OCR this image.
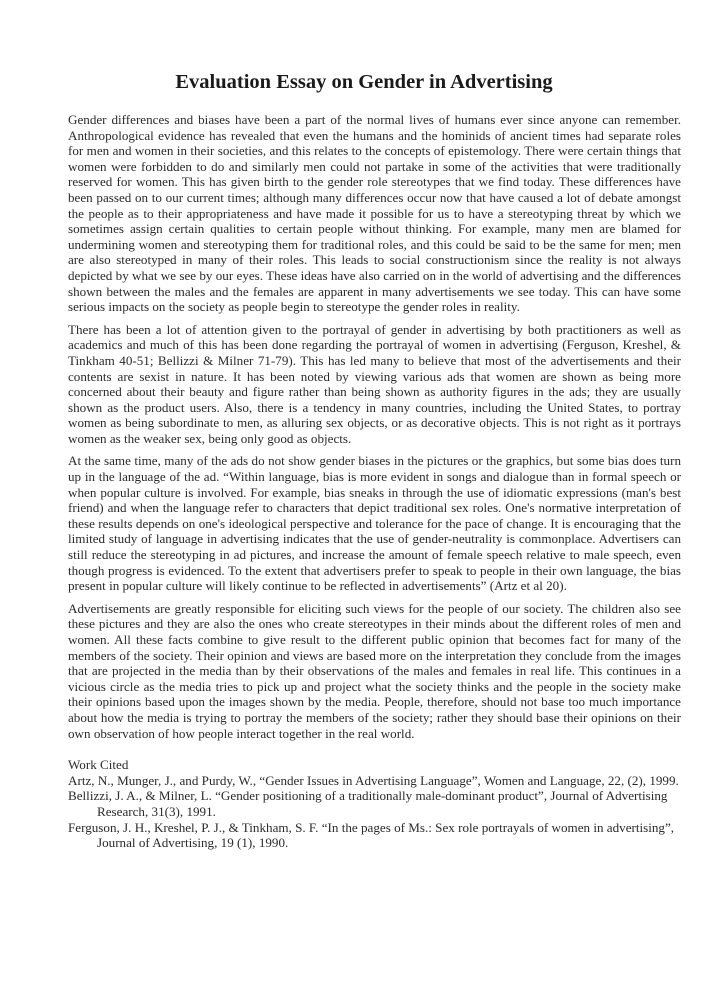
Evaluation Essay on Gender in Advertising

Gender differences and biases have been a part of the normal lives of humans ever since anyone can remember. Anthropological evidence has revealed that even the humans and the hominids of ancient times had separate roles for men and women in their societies, and this relates to the concepts of epistemology. There were certain things that women were forbidden to do and similarly men could not partake in some of the activities that were traditionally reserved for women. This has given birth to the gender role stereotypes that we find today. These differences have been passed on to our current times; although many differences occur now that have caused a lot of debate amongst the people as to their appropriateness and have made it possible for us to have a stereotyping threat by which we sometimes assign certain qualities to certain people without thinking. For example, many men are blamed for undermining women and stereotyping them for traditional roles, and this could be said to be the same for men; men are also stereotyped in many of their roles. This leads to social constructionism since the reality is not always depicted by what we see by our eyes. These ideas have also carried on in the world of advertising and the differences shown between the males and the females are apparent in many advertisements we see today. This can have some serious impacts on the society as people begin to stereotype the gender roles in reality.

There has been a lot of attention given to the portrayal of gender in advertising by both practitioners as well as academics and much of this has been done regarding the portrayal of women in advertising (Ferguson, Kreshel, & Tinkham 40-51; Bellizzi & Milner 71-79). This has led many to believe that most of the advertisements and their contents are sexist in nature. It has been noted by viewing various ads that women are shown as being more concerned about their beauty and figure rather than being shown as authority figures in the ads; they are usually shown as the product users. Also, there is a tendency in many countries, including the United States, to portray women as being subordinate to men, as alluring sex objects, or as decorative objects. This is not right as it portrays women as the weaker sex, being only good as objects.

At the same time, many of the ads do not show gender biases in the pictures or the graphics, but some bias does turn up in the language of the ad. “Within language, bias is more evident in songs and dialogue than in formal speech or when popular culture is involved. For example, bias sneaks in through the use of idiomatic expressions (man's best friend) and when the language refer to characters that depict traditional sex roles. One's normative interpretation of these results depends on one's ideological perspective and tolerance for the pace of change. It is encouraging that the limited study of language in advertising indicates that the use of gender-neutrality is commonplace. Advertisers can still reduce the stereotyping in ad pictures, and increase the amount of female speech relative to male speech, even though progress is evidenced. To the extent that advertisers prefer to speak to people in their own language, the bias present in popular culture will likely continue to be reflected in advertisements” (Artz et al 20).

Advertisements are greatly responsible for eliciting such views for the people of our society. The children also see these pictures and they are also the ones who create stereotypes in their minds about the different roles of men and women. All these facts combine to give result to the different public opinion that becomes fact for many of the members of the society. Their opinion and views are based more on the interpretation they conclude from the images that are projected in the media than by their observations of the males and females in real life. This continues in a vicious circle as the media tries to pick up and project what the society thinks and the people in the society make their opinions based upon the images shown by the media. People, therefore, should not base too much importance about how the media is trying to portray the members of the society; rather they should base their opinions on their own observation of how people interact together in the real world.

Work Cited

Artz, N., Munger, J., and Purdy, W., “Gender Issues in Advertising Language”, Women and Language, 22, (2), 1999.

Bellizzi, J. A., & Milner, L. “Gender positioning of a traditionally male-dominant product”, Journal of Advertising Research, 31(3), 1991.

Ferguson, J. H., Kreshel, P. J., & Tinkham, S. F. “In the pages of Ms.: Sex role portrayals of women in advertising”, Journal of Advertising, 19 (1), 1990.
